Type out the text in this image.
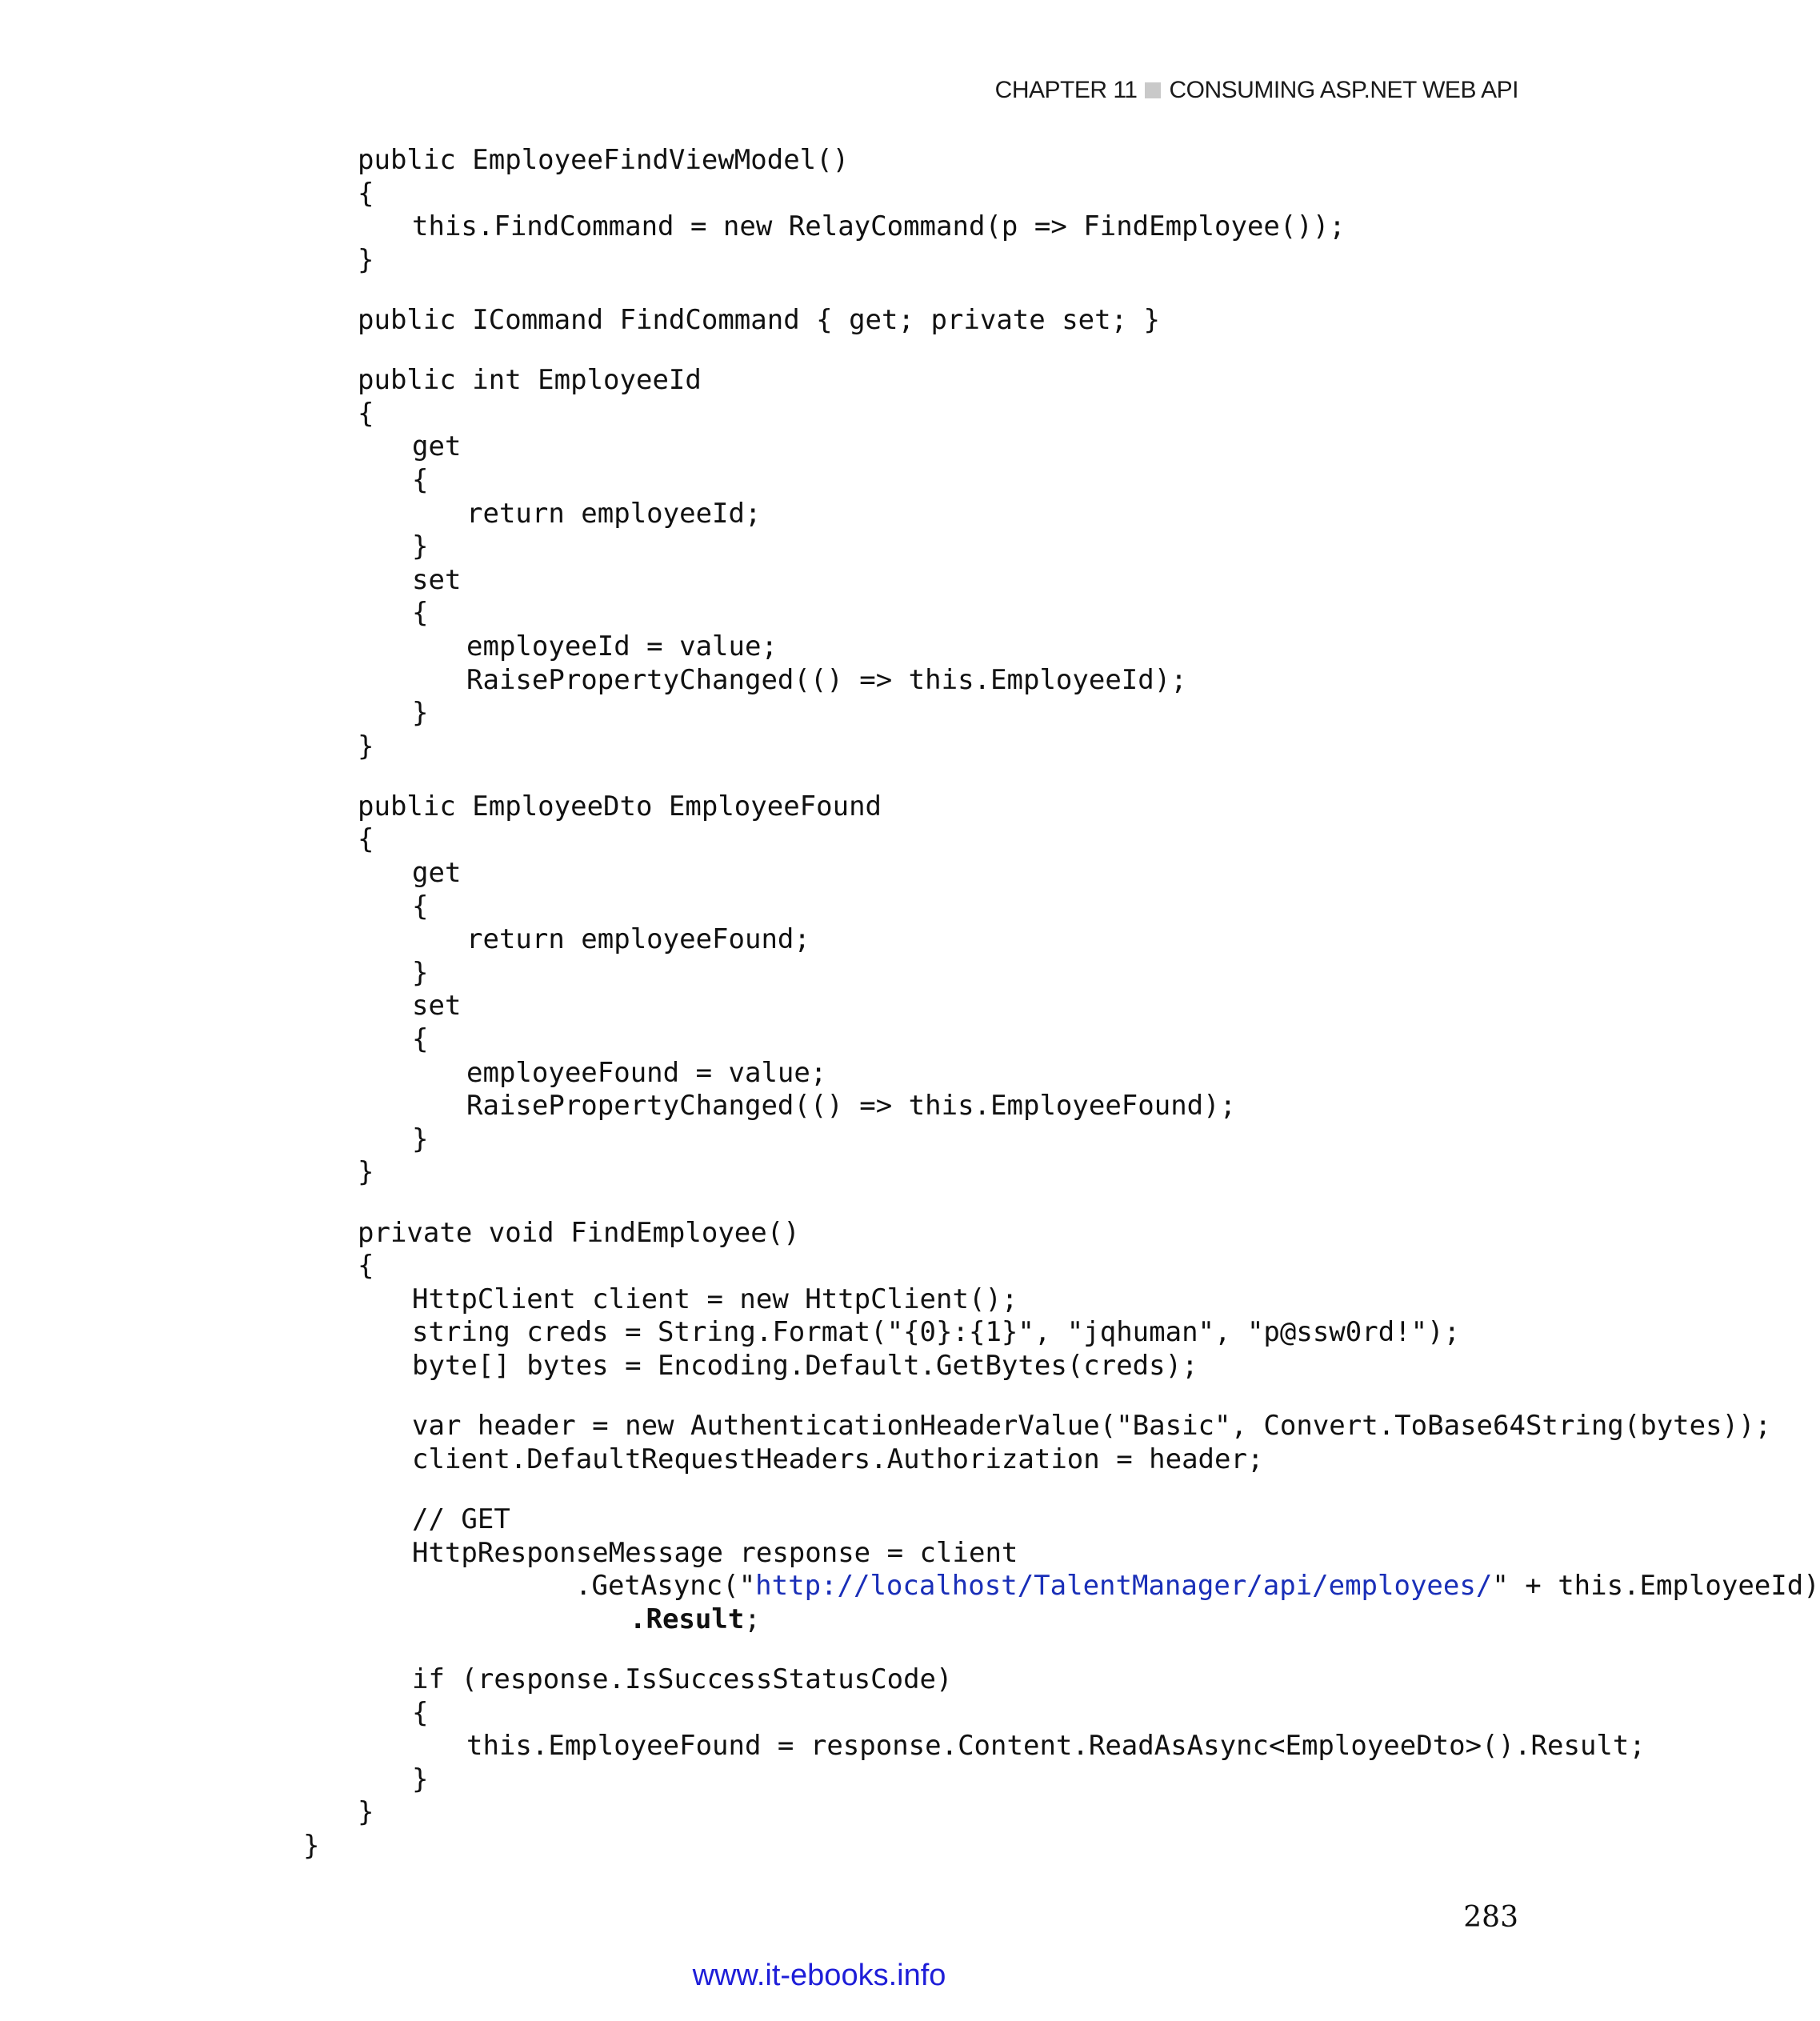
CHAPTER 11 CONSUMING ASP.NET WEB API
public EmployeeFindViewModel()
{
this.FindCommand = new RelayCommand(p => FindEmployee());
}
public ICommand FindCommand { get; private set; }
public int EmployeeId
{
get
{
return employeeId;
}
set
{
employeeId = value;
RaisePropertyChanged(() => this.EmployeeId);
}
}
public EmployeeDto EmployeeFound
{
get
{
return employeeFound;
}
set
{
employeeFound = value;
RaisePropertyChanged(() => this.EmployeeFound);
}
}
private void FindEmployee()
{
HttpClient client = new HttpClient();
string creds = String.Format("{0}:{1}", "jqhuman", "p@ssw0rd!");
byte[] bytes = Encoding.Default.GetBytes(creds);
var header = new AuthenticationHeaderValue("Basic", Convert.ToBase64String(bytes));
client.DefaultRequestHeaders.Authorization = header;
// GET
HttpResponseMessage response = client
.GetAsync("http://localhost/TalentManager/api/employees/" + this.EmployeeId)
.Result;
if (response.IsSuccessStatusCode)
{
this.EmployeeFound = response.Content.ReadAsAsync<EmployeeDto>().Result;
}
}
}
283
www.it-ebooks.info
